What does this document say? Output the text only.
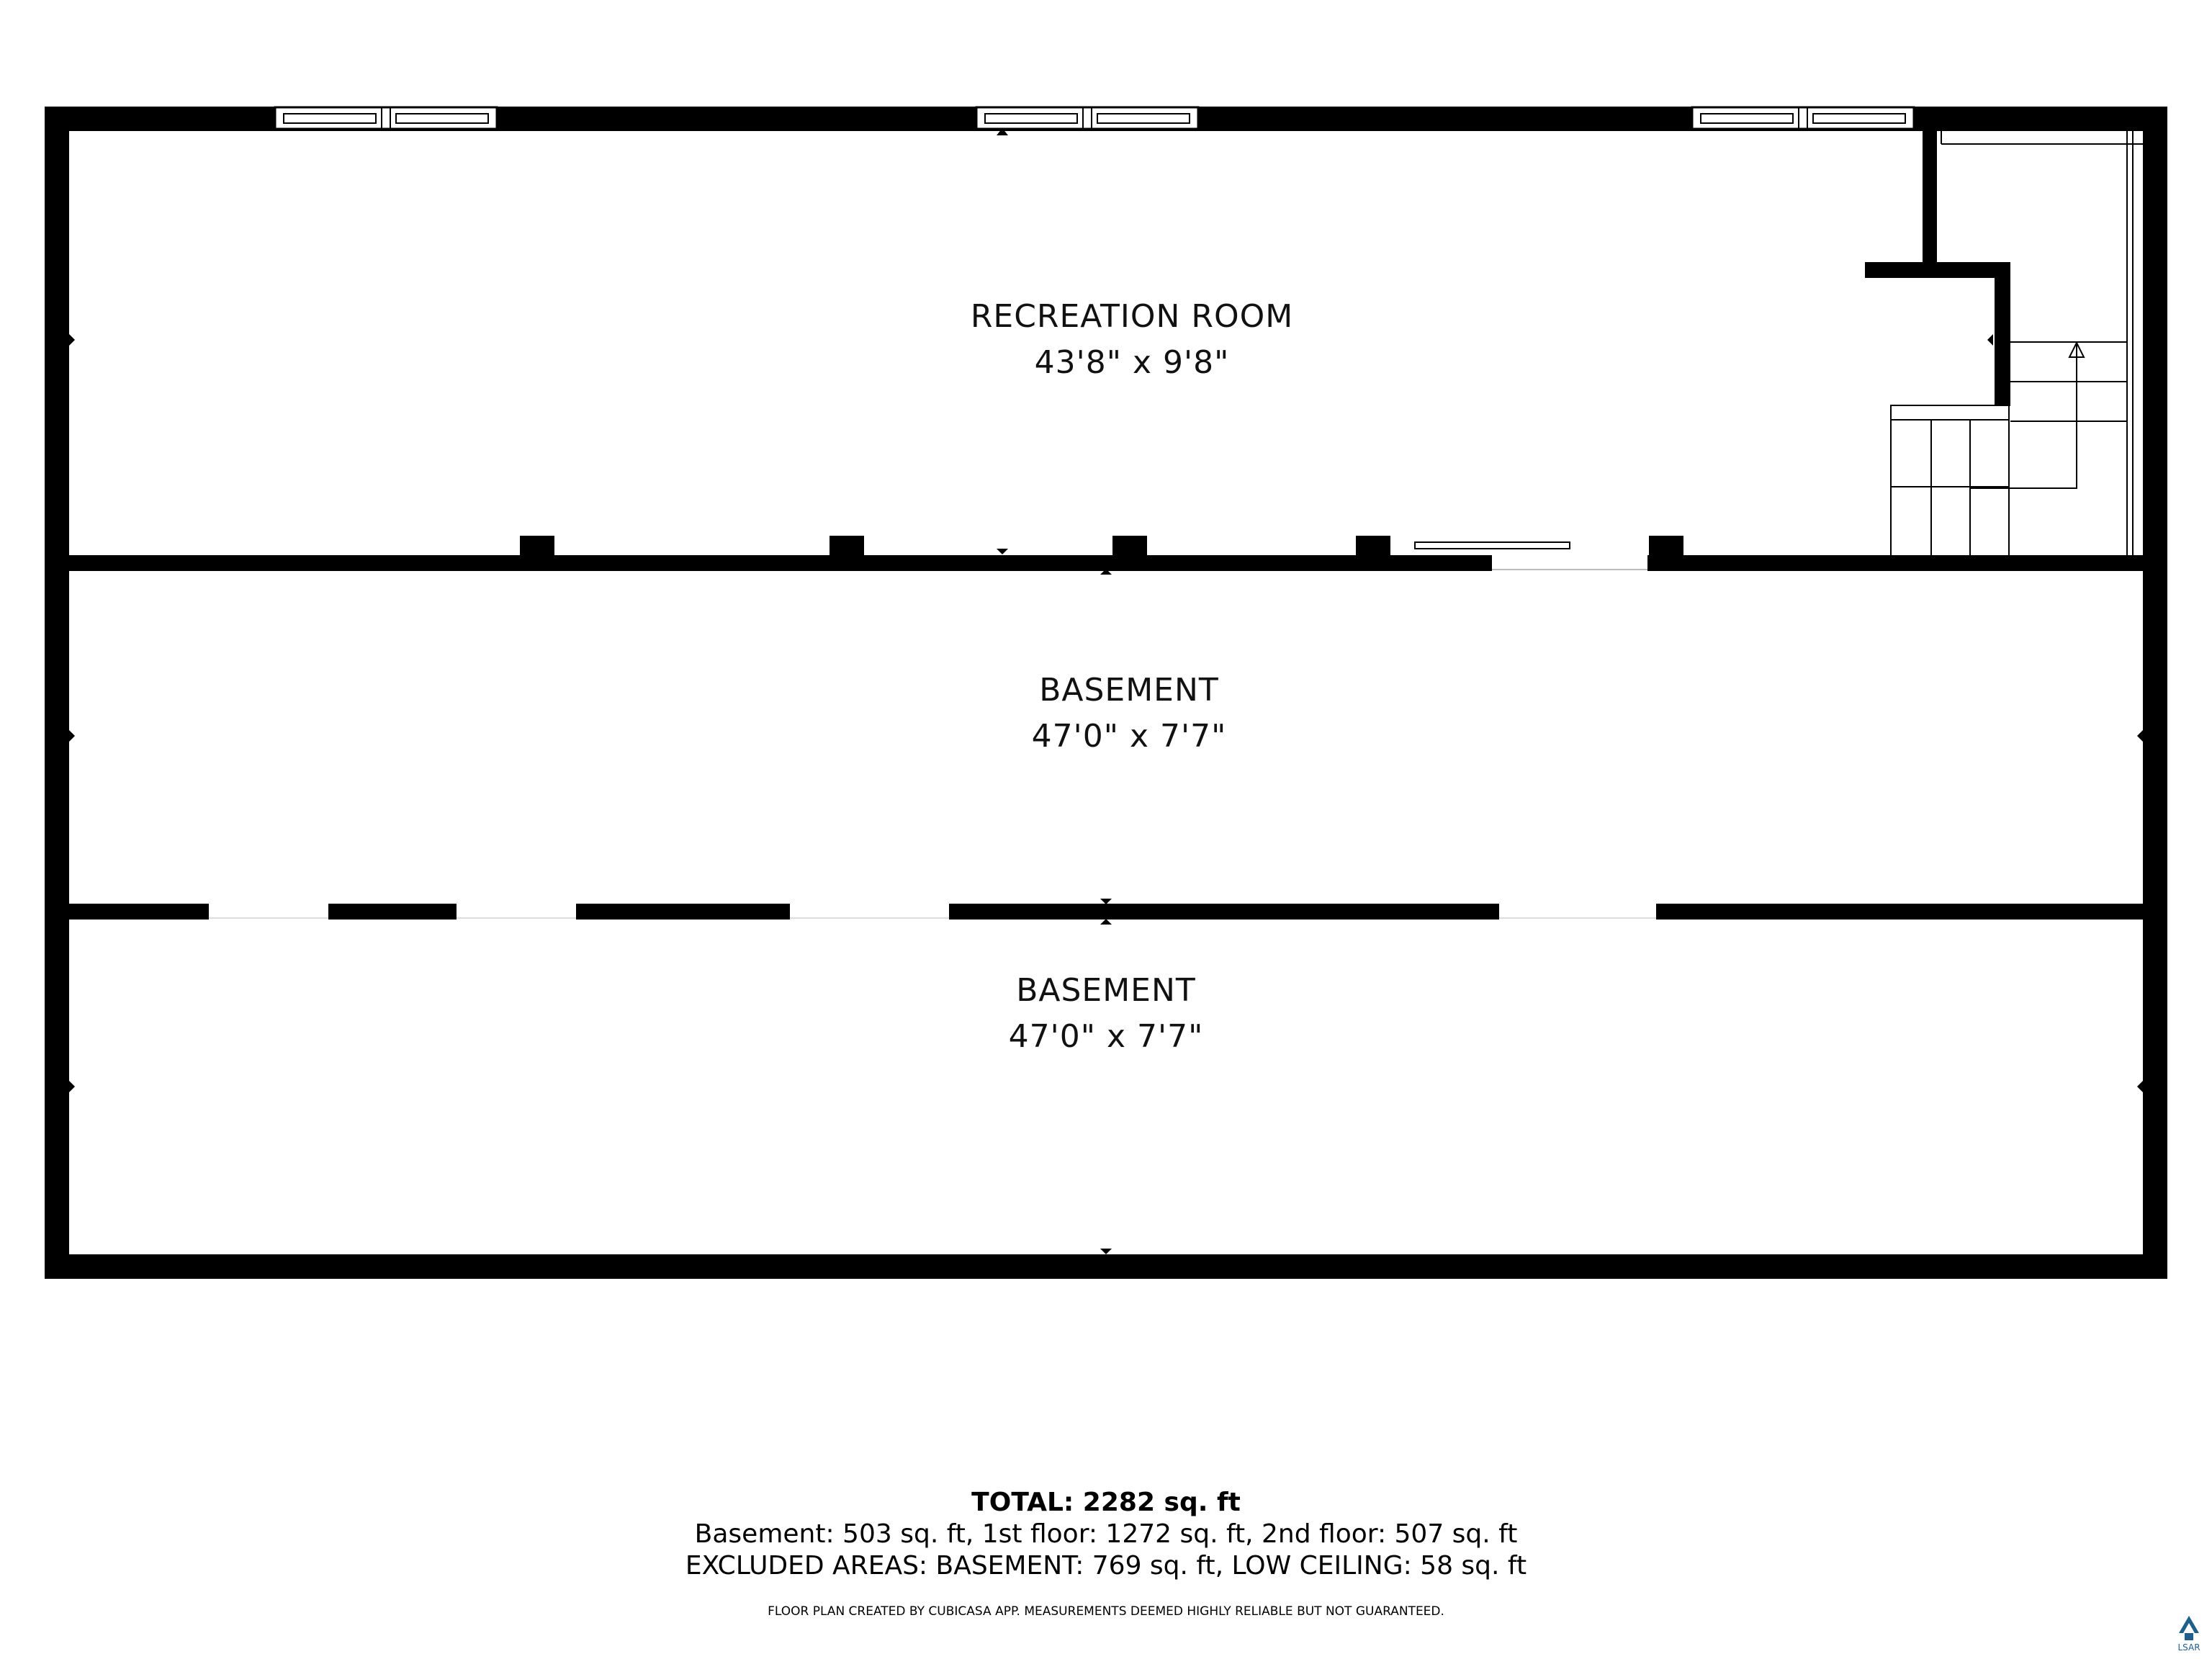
RECREATION ROOM
43'8" x 9'8"
BASEMENT
47'0" x 7'7"
BASEMENT
47'0" x 7'7"
TOTAL: 2282 sq. ft
Basement: 503 sq. ft, 1st floor: 1272 sq. ft, 2nd floor: 507 sq. ft
EXCLUDED AREAS: BASEMENT: 769 sq. ft, LOW CEILING: 58 sq. ft
FLOOR PLAN CREATED BY CUBICASA APP. MEASUREMENTS DEEMED HIGHLY RELIABLE BUT NOT GUARANTEED.
LSAR
